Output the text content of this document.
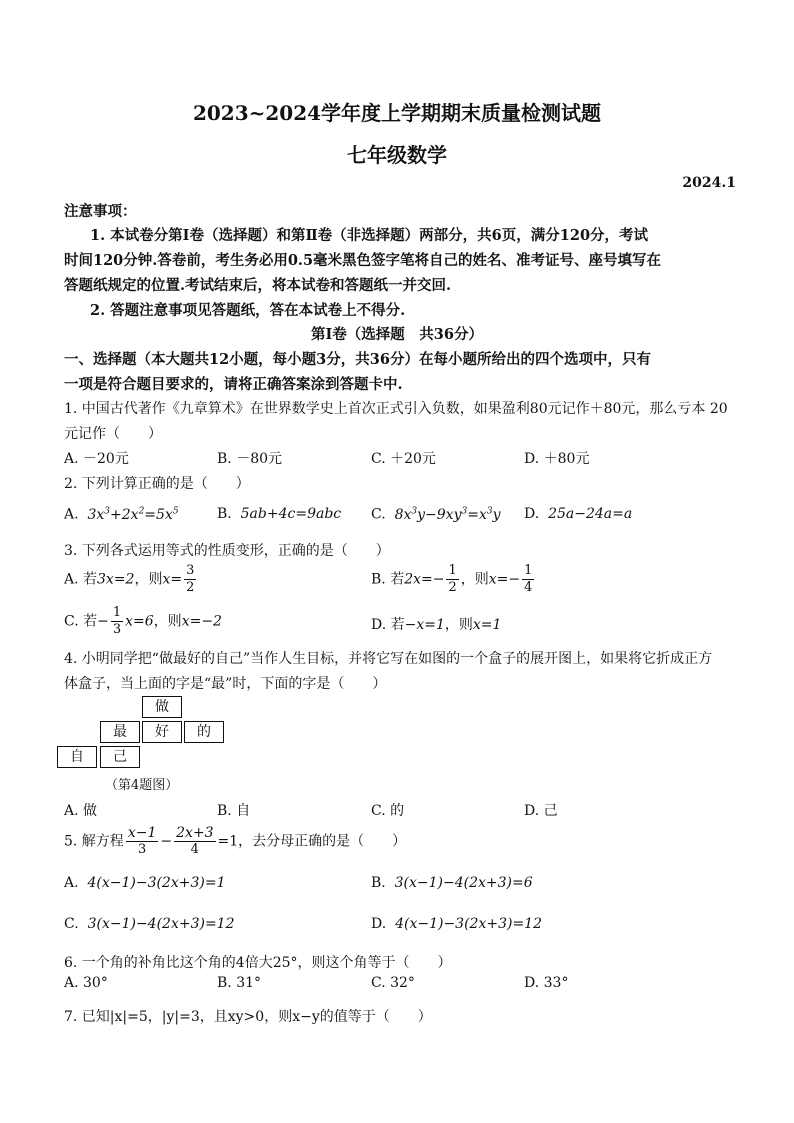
2023~2024学年度上学期期末质量检测试题
七年级数学
2024.1
注意事项：
1. 本试卷分第Ⅰ卷（选择题）和第Ⅱ卷（非选择题）两部分，共6页，满分120分，考试
时间120分钟.答卷前，考生务必用0.5毫米黑色签字笔将自己的姓名、准考证号、座号填写在
答题纸规定的位置.考试结束后，将本试卷和答题纸一并交回.
2. 答题注意事项见答题纸，答在本试卷上不得分.
第Ⅰ卷（选择题　共36分）
一、选择题（本大题共12小题，每小题3分，共36分）在每小题所给出的四个选项中，只有
一项是符合题目要求的，请将正确答案涂到答题卡中.
1. 中国古代著作《九章算术》在世界数学史上首次正式引入负数，如果盈利80元记作＋80元，那么亏本 20
元记作（　　）
A. －20元	B. －80元	C. ＋20元	D. ＋80元
2. 下列计算正确的是（　　）
A.  $3x^3+2x^2=5x^5$	B.  5ab+4c=9abc C.  $8x^3y-9xy^3=x^3y$ D.  25a−24a=a
3. 下列各式运用等式的性质变形，正确的是（　　）
A. 若3x=2，则$x= \frac{3}{2}$	B. 若$2x=- \frac{1}{2}$ ，则$x=- \frac{1}{4}$
C. 若− $\frac{1}{3} x=6$，则x=−2	D. 若−x=1，则x=1
4. 小明同学把“做最好的自己”当作人生目标，并将它写在如图的一个盒子的展开图上，如果将它折成正方
体盒子，当上面的字是“最”时，下面的字是（　　）
做
最	好	的
自	己
（第4题图）
A. 做	B. 自	C. 的	D. 己
5. 解方程 $\frac{x-1}{3} - \frac{2x+3}{4} =1$，去分母正确的是（　　）
A.  4(x−1)−3(2x+3)=1	B.  3(x−1)−4(2x+3)=6
C.  3(x−1)−4(2x+3)=12	D.  4(x−1)−3(2x+3)=12
6. 一个角的补角比这个角的4倍大25°，则这个角等于（　　）
A. 30°	B. 31°	C. 32°	D. 33°
7. 已知|x|=5，|y|=3，且xy>0，则x−y的值等于（　　）
